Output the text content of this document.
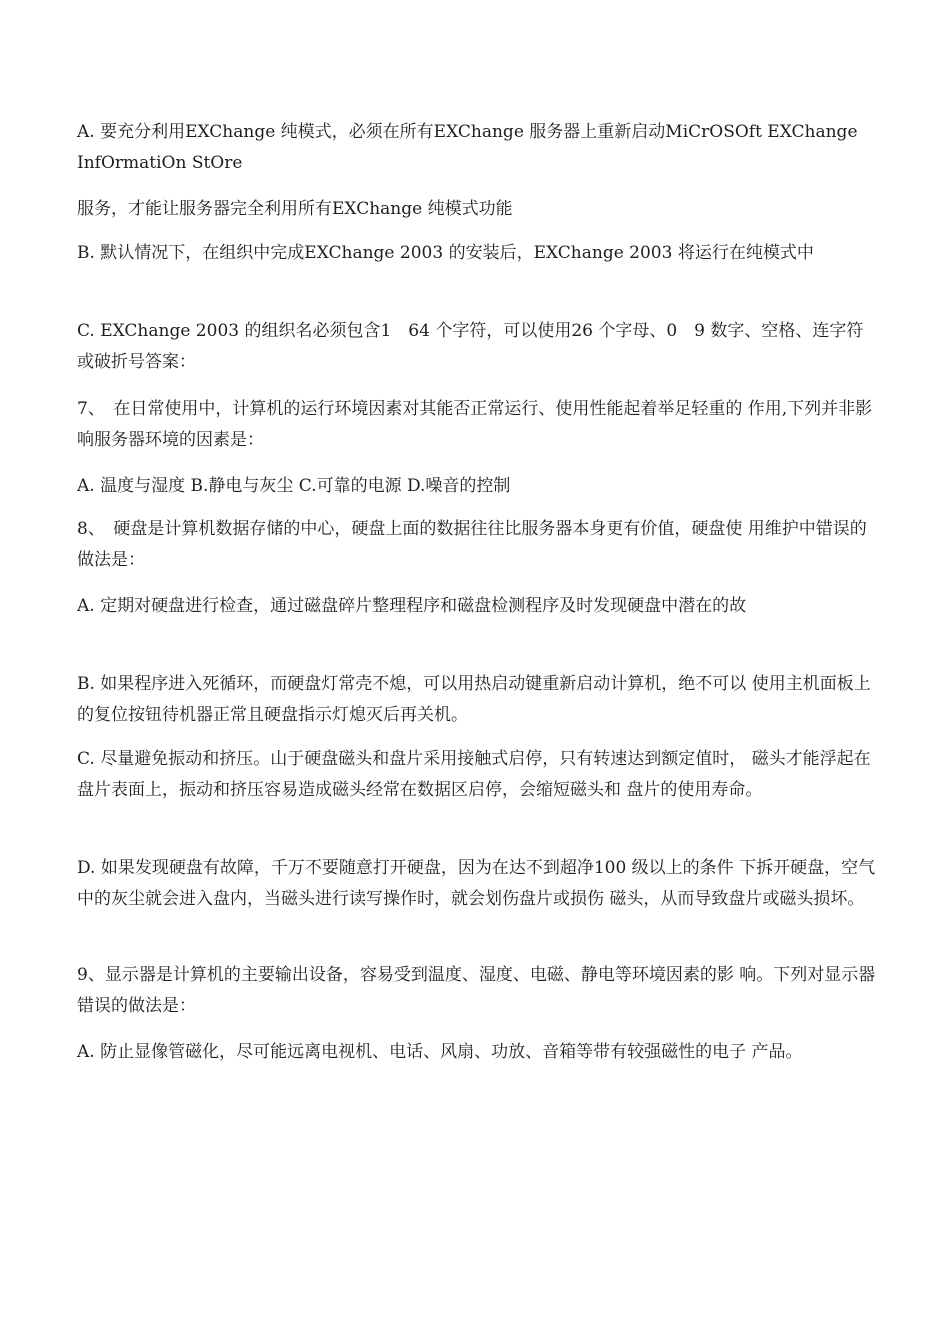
A. 要充分利用EXChange 纯模式，必须在所有EXChange 服务器上重新启动MiCrOSOft EXChange InfOrmatiOn StOre

服务，才能让服务器完全利用所有EXChange 纯模式功能

B. 默认情况下，在组织中完成EXChange 2003 的安装后，EXChange 2003 将运行在纯模式中

C. EXChange 2003 的组织名必须包含1　64 个字符，可以使用26 个字母、0　9 数字、空格、连字符或破折号答案：

7、　在日常使用中，计算机的运行环境因素对其能否正常运行、使用性能起着举足轻重的 作用,下列并非影响服务器环境的因素是：

A. 温度与湿度 B.静电与灰尘 C.可靠的电源 D.噪音的控制

8、　硬盘是计算机数据存储的中心，硬盘上面的数据往往比服务器本身更有价值，硬盘使 用维护中错误的做法是：

A. 定期对硬盘进行检查，通过磁盘碎片整理程序和磁盘检测程序及时发现硬盘中潜在的故

B. 如果程序进入死循环，而硬盘灯常壳不熄，可以用热启动键重新启动计算机，绝不可以 使用主机面板上的复位按钮待机器正常且硬盘指示灯熄灭后再关机。

C. 尽量避免振动和挤压。山于硬盘磁头和盘片采用接触式启停，只有转速达到额定值时， 磁头才能浮起在盘片表面上，振动和挤压容易造成磁头经常在数据区启停，会缩短磁头和 盘片的使用寿命。

D. 如果发现硬盘有故障，千万不要随意打开硬盘，因为在达不到超净100 级以上的条件 下拆开硬盘，空气中的灰尘就会进入盘内，当磁头进行读写操作时，就会划伤盘片或损伤 磁头，从而导致盘片或磁头损坏。

9、显示器是计算机的主要输出设备，容易受到温度、湿度、电磁、静电等环境因素的影 响。下列对显示器错误的做法是：

A. 防止显像管磁化，尽可能远离电视机、电话、风扇、功放、音箱等带有较强磁性的电子 产品。
